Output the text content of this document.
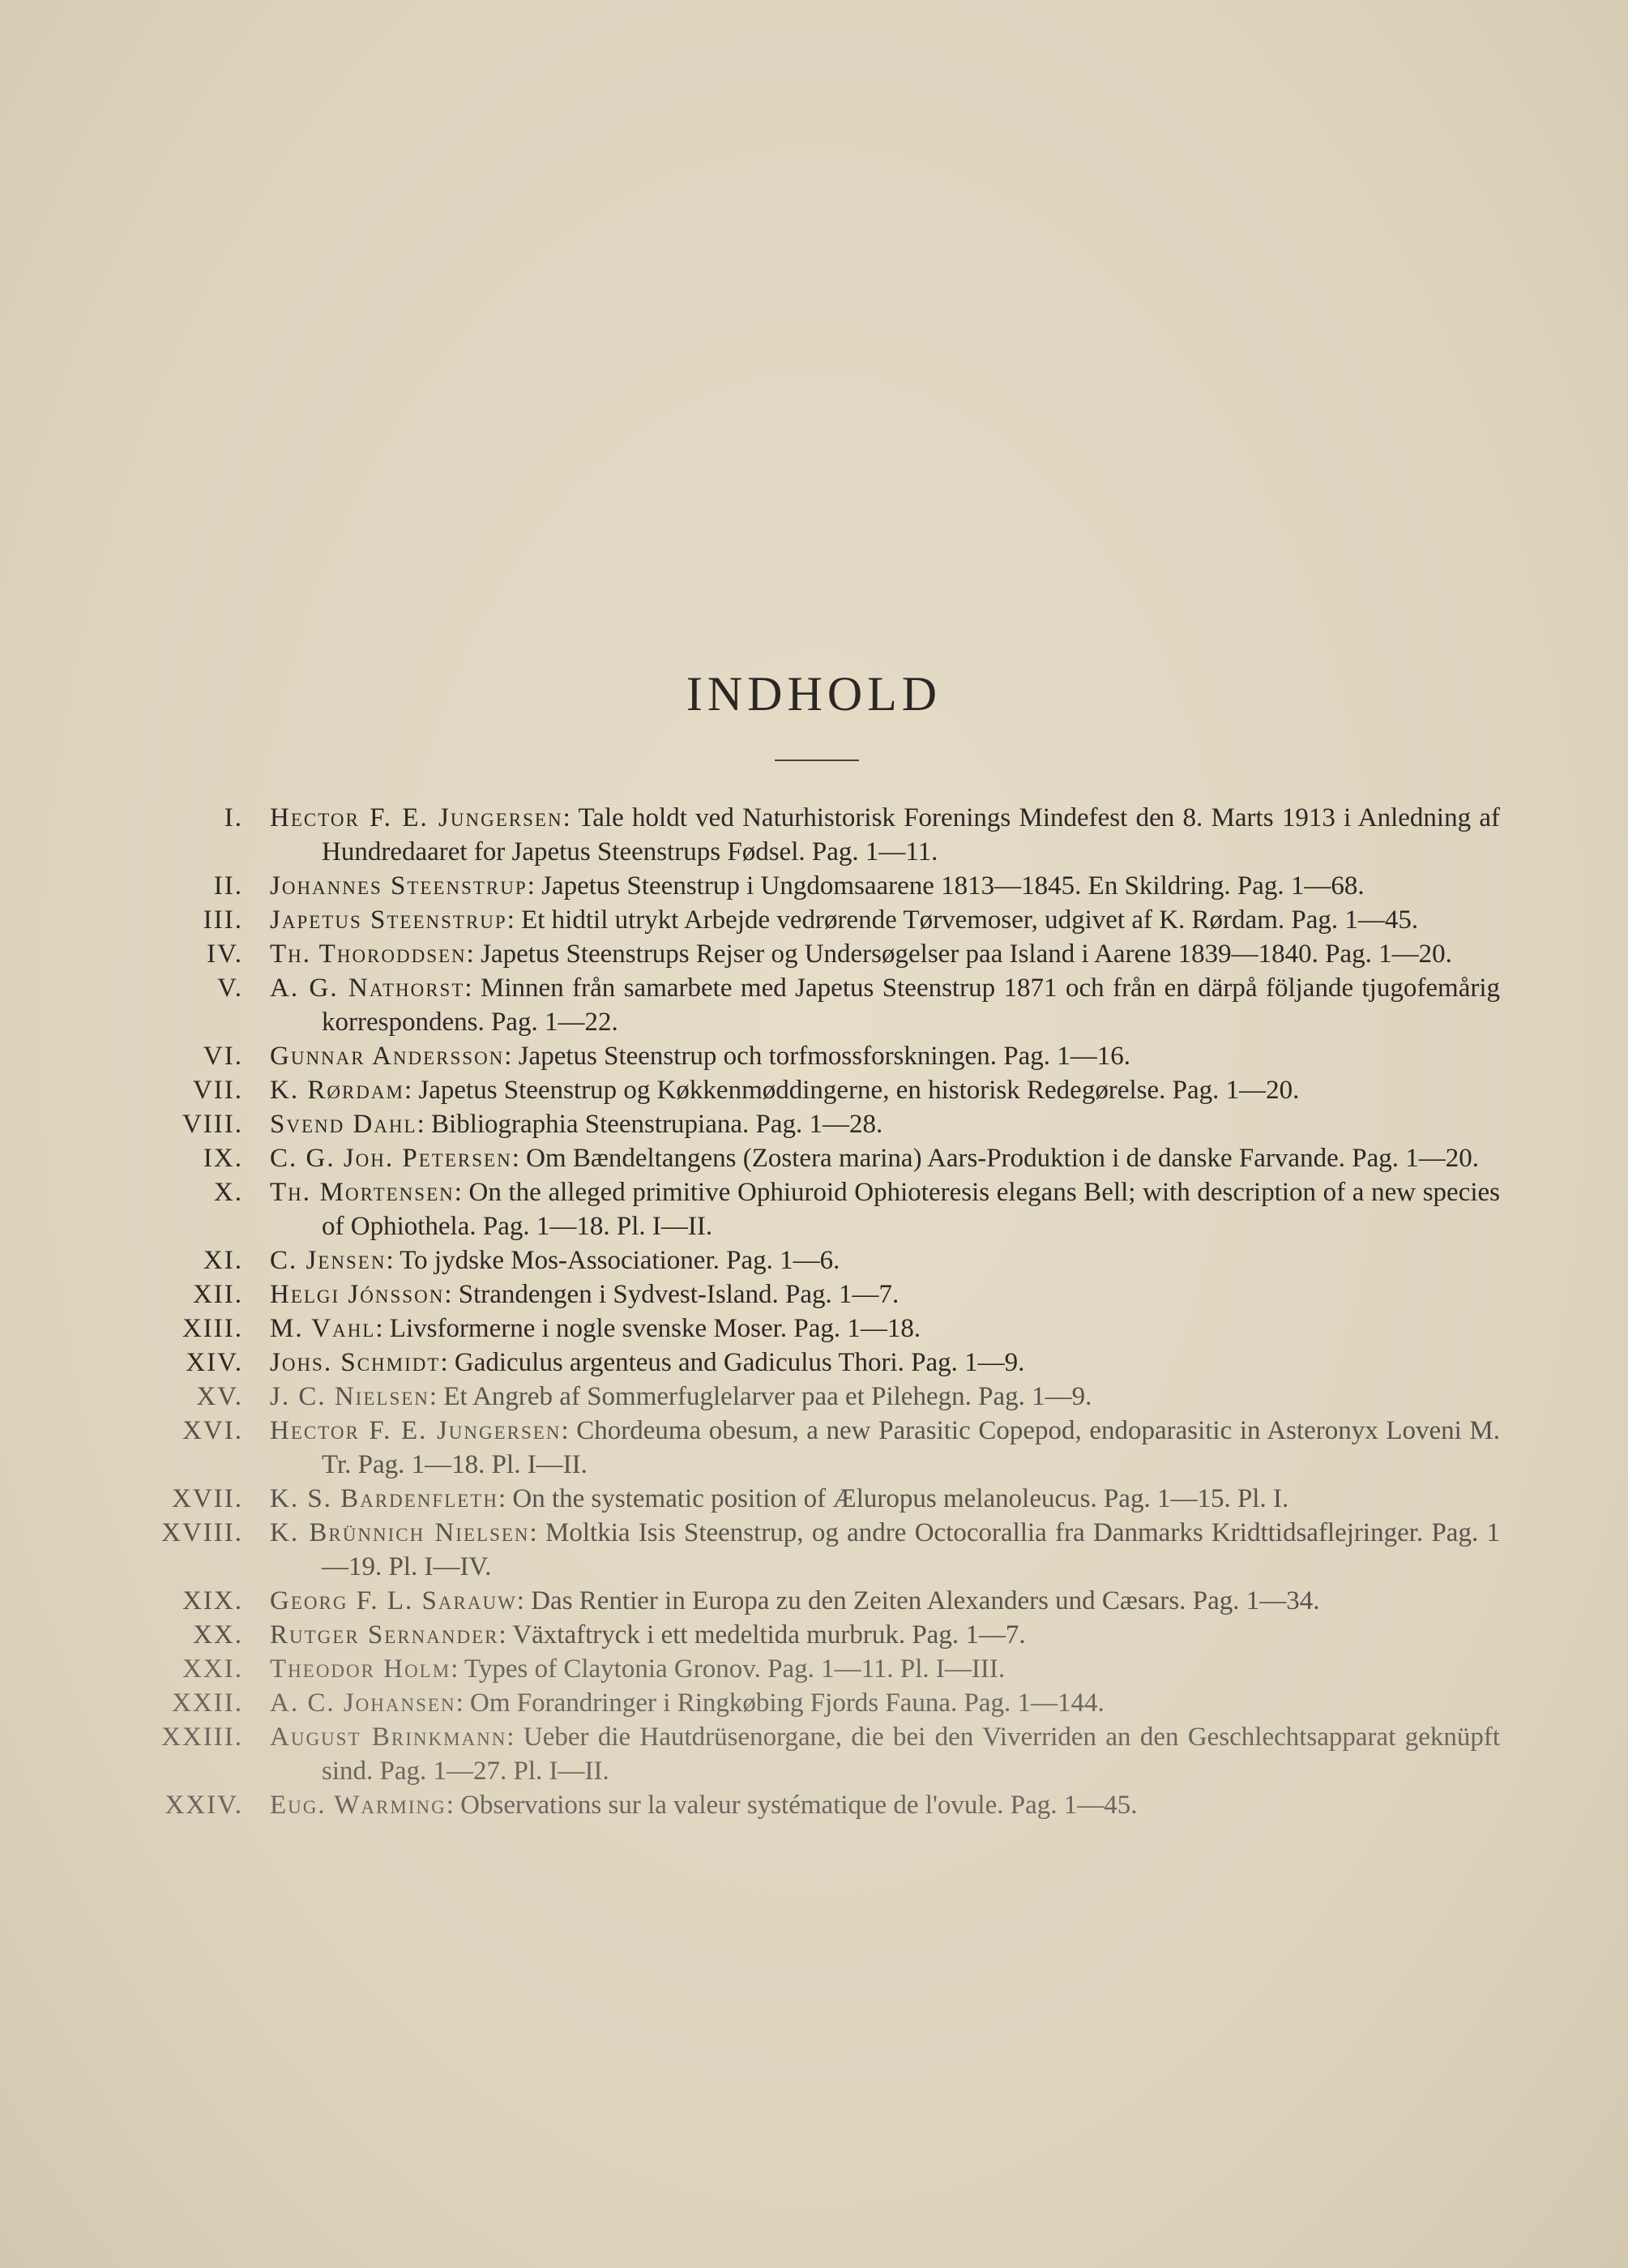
INDHOLD
I. Hector F. E. Jungersen: Tale holdt ved Naturhistorisk Forenings Mindefest den 8. Marts 1913 i Anledning af Hundredaaret for Japetus Steenstrups Fødsel. Pag. 1—11.
II. Johannes Steenstrup: Japetus Steenstrup i Ungdomsaarene 1813—1845. En Skildring. Pag. 1—68.
III. Japetus Steenstrup: Et hidtil utrykt Arbejde vedrørende Tørvemoser, udgivet af K. Rørdam. Pag. 1—45.
IV. Th. Thoroddsen: Japetus Steenstrups Rejser og Undersøgelser paa Island i Aarene 1839—1840. Pag. 1—20.
V. A. G. Nathorst: Minnen från samarbete med Japetus Steenstrup 1871 och från en därpå följande tjugofemårig korrespondens. Pag. 1—22.
VI. Gunnar Andersson: Japetus Steenstrup och torfmossforskningen. Pag. 1—16.
VII. K. Rørdam: Japetus Steenstrup og Køkkenmøddingerne, en historisk Redegørelse. Pag. 1—20.
VIII. Svend Dahl: Bibliographia Steenstrupiana. Pag. 1—28.
IX. C. G. Joh. Petersen: Om Bændeltangens (Zostera marina) Aars-Produktion i de danske Farvande. Pag. 1—20.
X. Th. Mortensen: On the alleged primitive Ophiuroid Ophioteresis elegans Bell; with description of a new species of Ophiothela. Pag. 1—18. Pl. I—II.
XI. C. Jensen: To jydske Mos-Associationer. Pag. 1—6.
XII. Helgi Jónsson: Strandengen i Sydvest-Island. Pag. 1—7.
XIII. M. Vahl: Livsformerne i nogle svenske Moser. Pag. 1—18.
XIV. Johs. Schmidt: Gadiculus argenteus and Gadiculus Thori. Pag. 1—9.
XV. J. C. Nielsen: Et Angreb af Sommerfuglelarver paa et Pilehegn. Pag. 1—9.
XVI. Hector F. E. Jungersen: Chordeuma obesum, a new Parasitic Copepod, endoparasitic in Asteronyx Loveni M. Tr. Pag. 1—18. Pl. I—II.
XVII. K. S. Bardenfleth: On the systematic position of Æluropus melanoleucus. Pag. 1—15. Pl. I.
XVIII. K. Brünnich Nielsen: Moltkia Isis Steenstrup, og andre Octocorallia fra Danmarks Kridttidsaflejringer. Pag. 1—19. Pl. I—IV.
XIX. Georg F. L. Sarauw: Das Rentier in Europa zu den Zeiten Alexanders und Cæsars. Pag. 1—34.
XX. Rutger Sernander: Växtaftryck i ett medeltida murbruk. Pag. 1—7.
XXI. Theodor Holm: Types of Claytonia Gronov. Pag. 1—11. Pl. I—III.
XXII. A. C. Johansen: Om Forandringer i Ringkøbing Fjords Fauna. Pag. 1—144.
XXIII. August Brinkmann: Ueber die Hautdrüsenorgane, die bei den Viverriden an den Geschlechtsapparat geknüpft sind. Pag. 1—27. Pl. I—II.
XXIV. Eug. Warming: Observations sur la valeur systématique de l'ovule. Pag. 1—45.
